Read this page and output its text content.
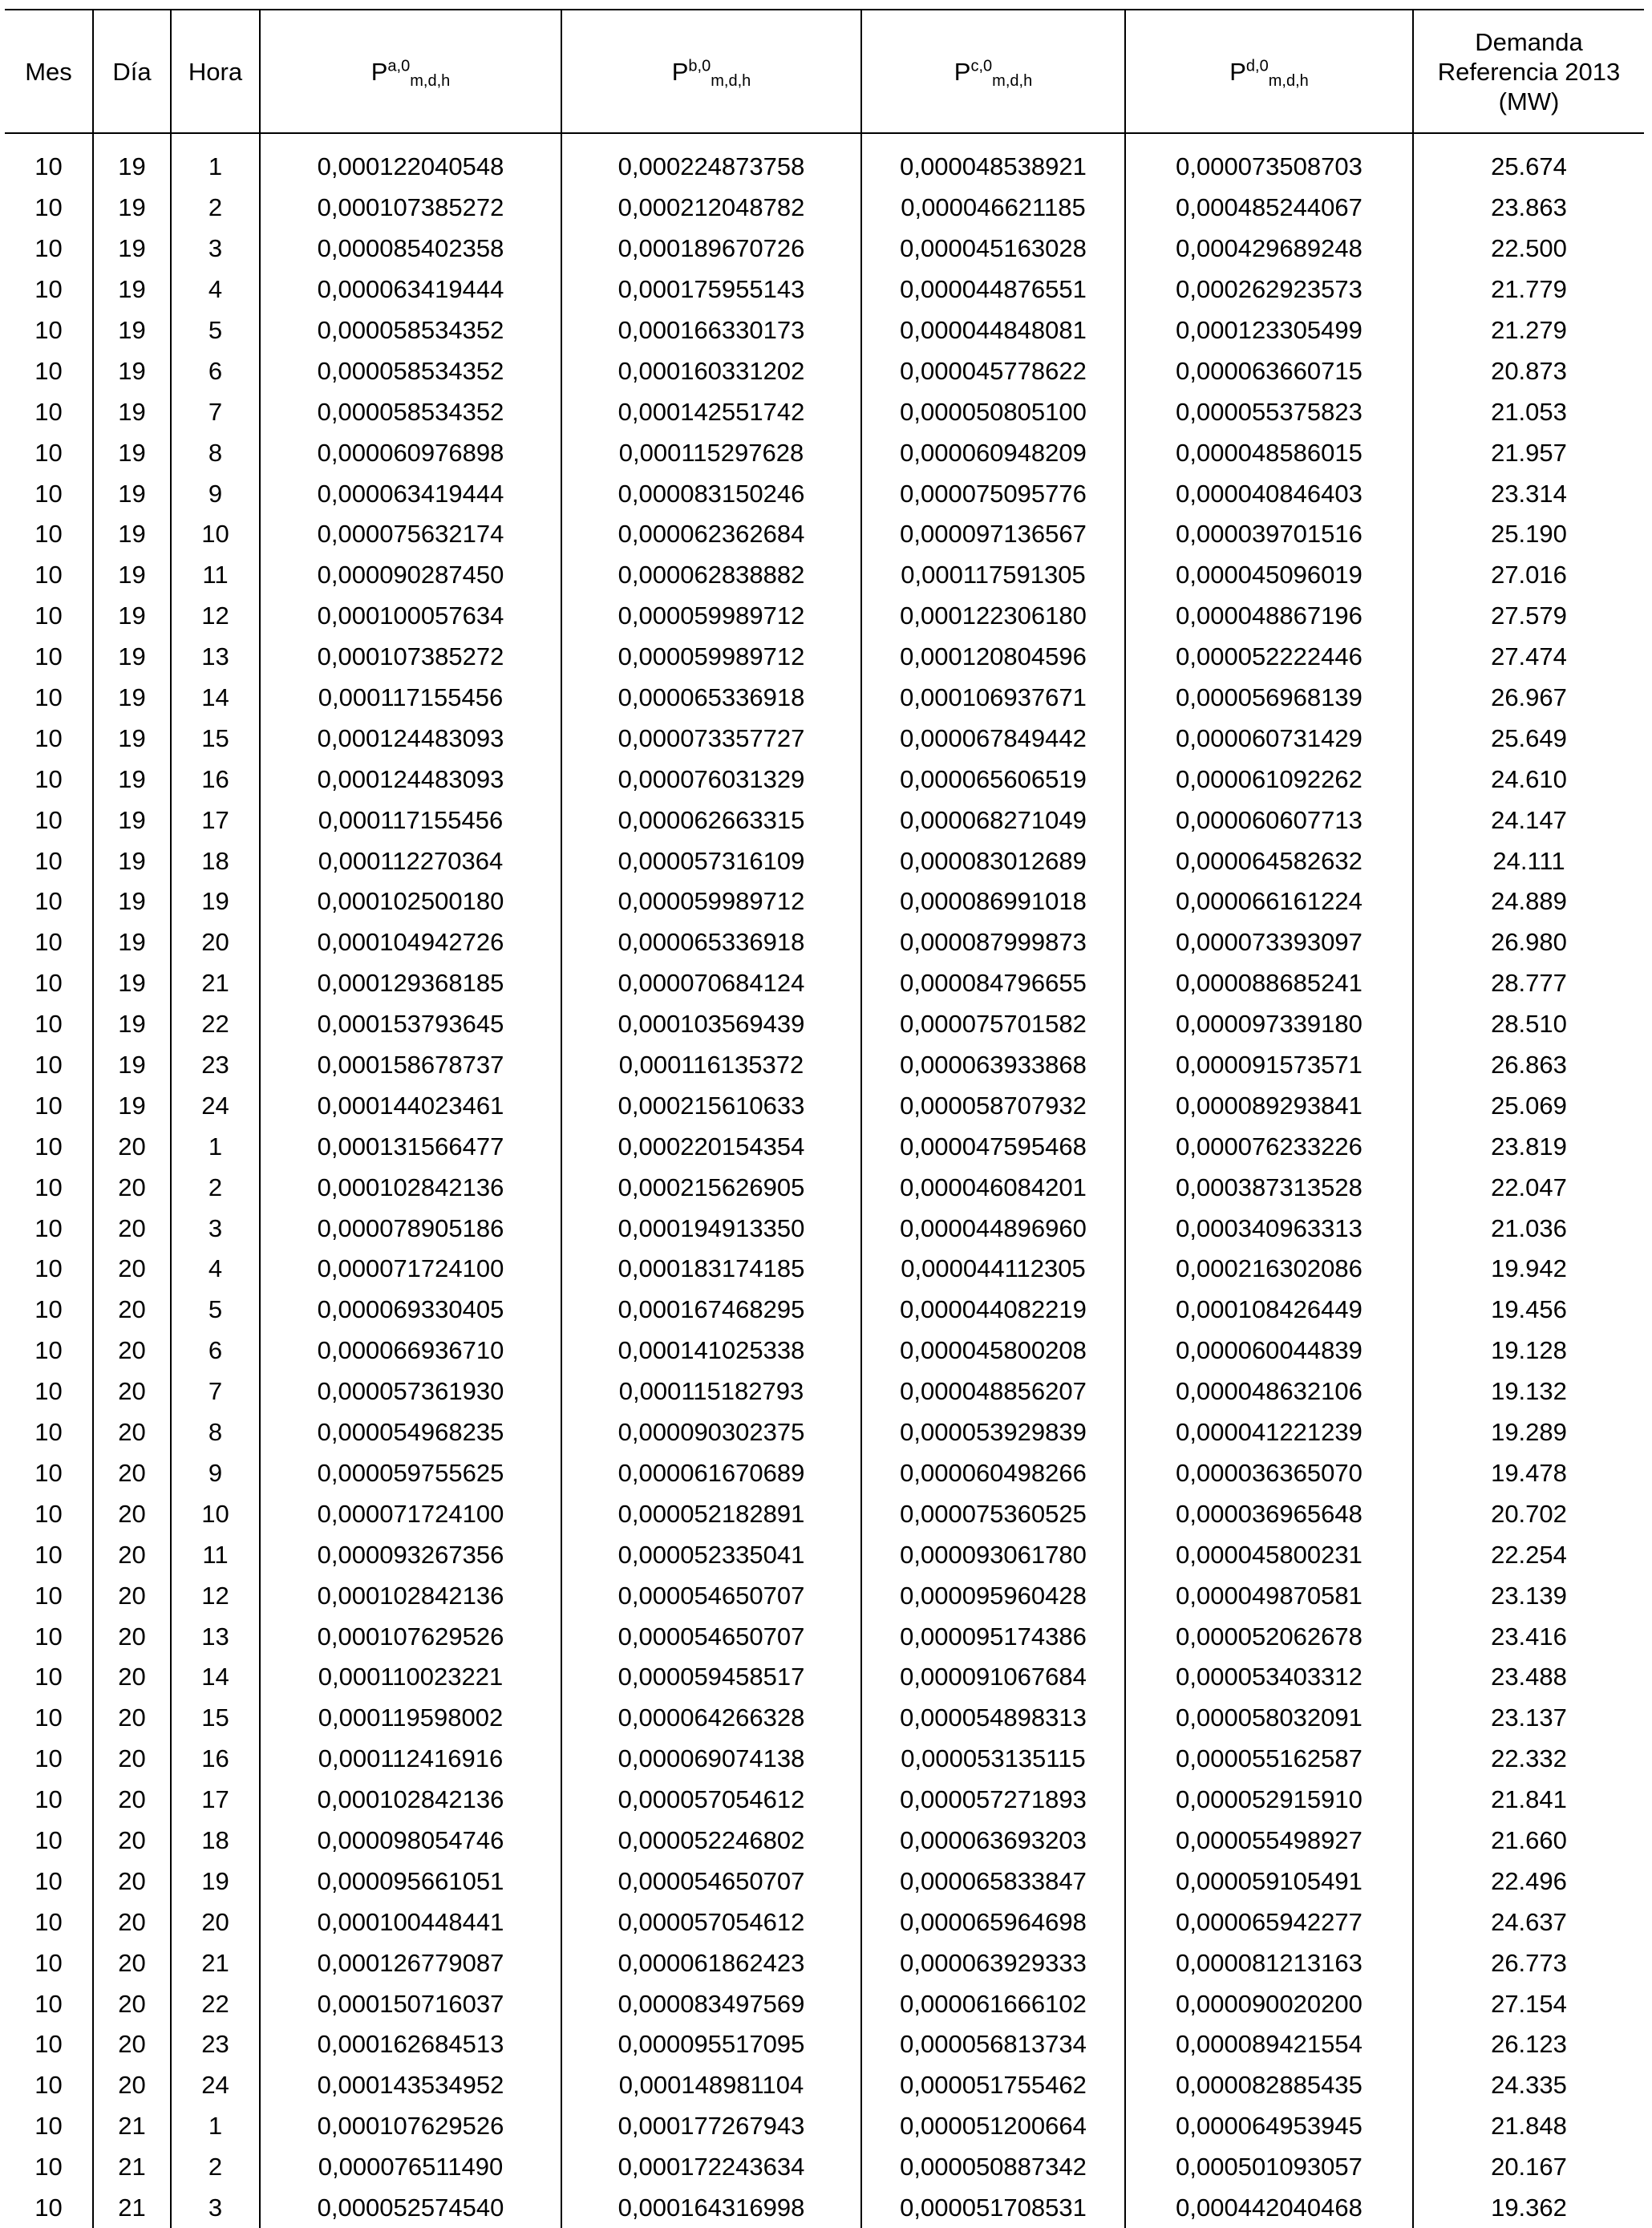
Mes	Día	Hora	P$^{a,0}_{m,d,h}$	P$^{b,0}_{m,d,h}$	P$^{c,0}_{m,d,h}$	P$^{d,0}_{m,d,h}$	Demanda
Referencia 2013
(MW)
10	19	1	0,000122040548	0,000224873758	0,000048538921	0,000073508703	25.674
10	19	2	0,000107385272	0,000212048782	0,000046621185	0,000485244067	23.863
10	19	3	0,000085402358	0,000189670726	0,000045163028	0,000429689248	22.500
10	19	4	0,000063419444	0,000175955143	0,000044876551	0,000262923573	21.779
10	19	5	0,000058534352	0,000166330173	0,000044848081	0,000123305499	21.279
10	19	6	0,000058534352	0,000160331202	0,000045778622	0,000063660715	20.873
10	19	7	0,000058534352	0,000142551742	0,000050805100	0,000055375823	21.053
10	19	8	0,000060976898	0,000115297628	0,000060948209	0,000048586015	21.957
10	19	9	0,000063419444	0,000083150246	0,000075095776	0,000040846403	23.314
10	19	10	0,000075632174	0,000062362684	0,000097136567	0,000039701516	25.190
10	19	11	0,000090287450	0,000062838882	0,000117591305	0,000045096019	27.016
10	19	12	0,000100057634	0,000059989712	0,000122306180	0,000048867196	27.579
10	19	13	0,000107385272	0,000059989712	0,000120804596	0,000052222446	27.474
10	19	14	0,000117155456	0,000065336918	0,000106937671	0,000056968139	26.967
10	19	15	0,000124483093	0,000073357727	0,000067849442	0,000060731429	25.649
10	19	16	0,000124483093	0,000076031329	0,000065606519	0,000061092262	24.610
10	19	17	0,000117155456	0,000062663315	0,000068271049	0,000060607713	24.147
10	19	18	0,000112270364	0,000057316109	0,000083012689	0,000064582632	24.111
10	19	19	0,000102500180	0,000059989712	0,000086991018	0,000066161224	24.889
10	19	20	0,000104942726	0,000065336918	0,000087999873	0,000073393097	26.980
10	19	21	0,000129368185	0,000070684124	0,000084796655	0,000088685241	28.777
10	19	22	0,000153793645	0,000103569439	0,000075701582	0,000097339180	28.510
10	19	23	0,000158678737	0,000116135372	0,000063933868	0,000091573571	26.863
10	19	24	0,000144023461	0,000215610633	0,000058707932	0,000089293841	25.069
10	20	1	0,000131566477	0,000220154354	0,000047595468	0,000076233226	23.819
10	20	2	0,000102842136	0,000215626905	0,000046084201	0,000387313528	22.047
10	20	3	0,000078905186	0,000194913350	0,000044896960	0,000340963313	21.036
10	20	4	0,000071724100	0,000183174185	0,000044112305	0,000216302086	19.942
10	20	5	0,000069330405	0,000167468295	0,000044082219	0,000108426449	19.456
10	20	6	0,000066936710	0,000141025338	0,000045800208	0,000060044839	19.128
10	20	7	0,000057361930	0,000115182793	0,000048856207	0,000048632106	19.132
10	20	8	0,000054968235	0,000090302375	0,000053929839	0,000041221239	19.289
10	20	9	0,000059755625	0,000061670689	0,000060498266	0,000036365070	19.478
10	20	10	0,000071724100	0,000052182891	0,000075360525	0,000036965648	20.702
10	20	11	0,000093267356	0,000052335041	0,000093061780	0,000045800231	22.254
10	20	12	0,000102842136	0,000054650707	0,000095960428	0,000049870581	23.139
10	20	13	0,000107629526	0,000054650707	0,000095174386	0,000052062678	23.416
10	20	14	0,000110023221	0,000059458517	0,000091067684	0,000053403312	23.488
10	20	15	0,000119598002	0,000064266328	0,000054898313	0,000058032091	23.137
10	20	16	0,000112416916	0,000069074138	0,000053135115	0,000055162587	22.332
10	20	17	0,000102842136	0,000057054612	0,000057271893	0,000052915910	21.841
10	20	18	0,000098054746	0,000052246802	0,000063693203	0,000055498927	21.660
10	20	19	0,000095661051	0,000054650707	0,000065833847	0,000059105491	22.496
10	20	20	0,000100448441	0,000057054612	0,000065964698	0,000065942277	24.637
10	20	21	0,000126779087	0,000061862423	0,000063929333	0,000081213163	26.773
10	20	22	0,000150716037	0,000083497569	0,000061666102	0,000090020200	27.154
10	20	23	0,000162684513	0,000095517095	0,000056813734	0,000089421554	26.123
10	20	24	0,000143534952	0,000148981104	0,000051755462	0,000082885435	24.335
10	21	1	0,000107629526	0,000177267943	0,000051200664	0,000064953945	21.848
10	21	2	0,000076511490	0,000172243634	0,000050887342	0,000501093057	20.167
10	21	3	0,000052574540	0,000164316998	0,000051708531	0,000442040468	19.362
